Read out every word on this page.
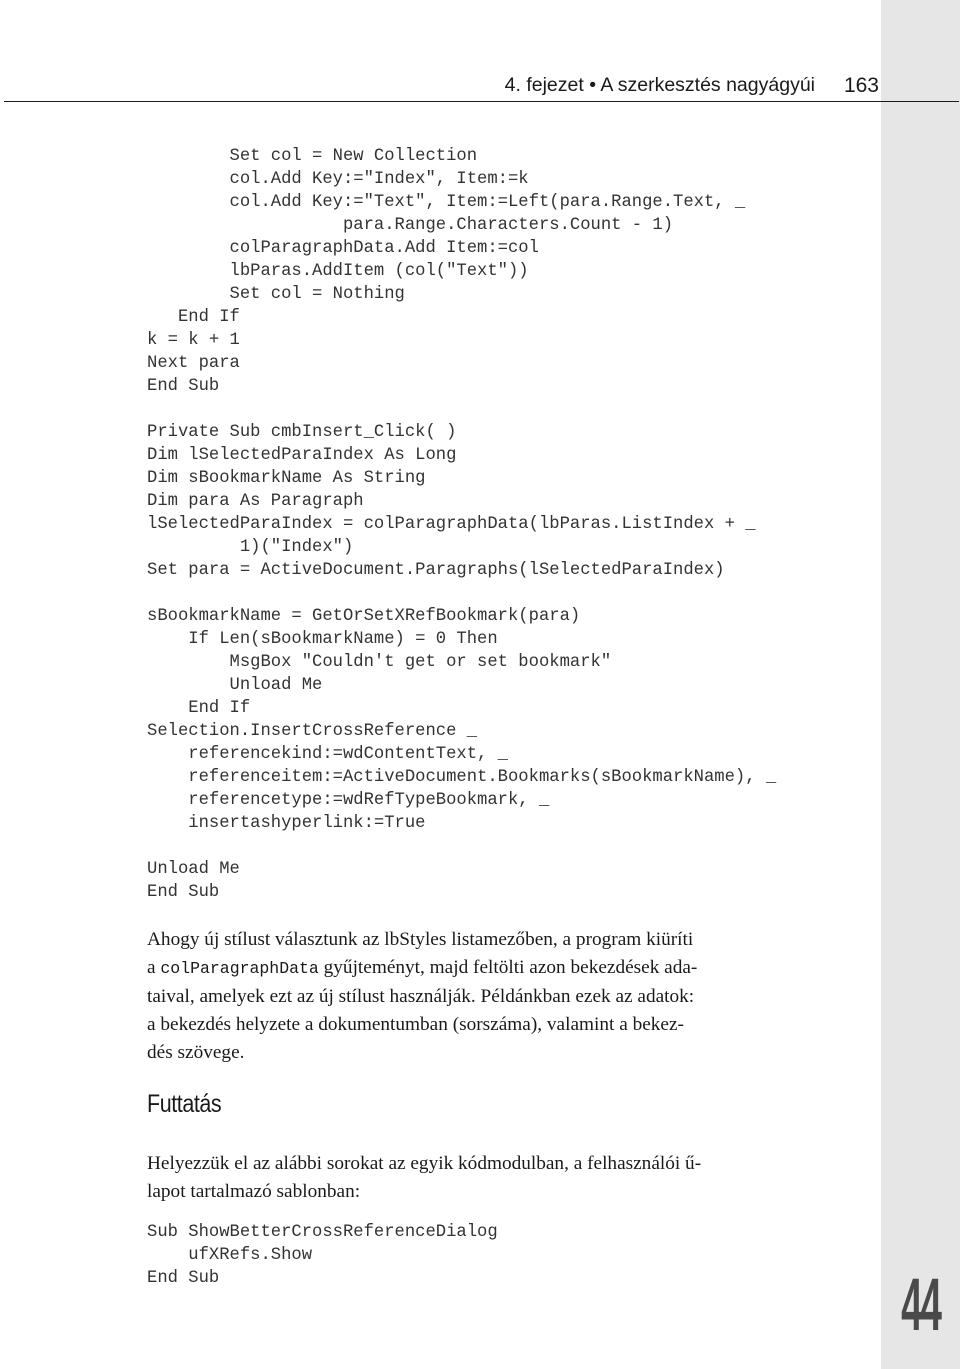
44
4. fejezet • A szerkesztés nagyágyúi 163
Set col = New Collection
col.Add Key:="Index", Item:=k
col.Add Key:="Text", Item:=Left(para.Range.Text, _
para.Range.Characters.Count - 1)
colParagraphData.Add Item:=col
lbParas.AddItem (col("Text"))
Set col = Nothing
End If
k = k + 1
Next para
End Sub

Private Sub cmbInsert_Click( )
Dim lSelectedParaIndex As Long
Dim sBookmarkName As String
Dim para As Paragraph
lSelectedParaIndex = colParagraphData(lbParas.ListIndex + _
1)("Index")
Set para = ActiveDocument.Paragraphs(lSelectedParaIndex)

sBookmarkName = GetOrSetXRefBookmark(para)
If Len(sBookmarkName) = 0 Then
MsgBox "Couldn't get or set bookmark"
Unload Me
End If
Selection.InsertCrossReference _
referencekind:=wdContentText, _
referenceitem:=ActiveDocument.Bookmarks(sBookmarkName), _
referencetype:=wdRefTypeBookmark, _
insertashyperlink:=True

Unload Me
End Sub
Ahogy új stílust választunk az lbStyles listamezőben, a program kiüríti
a colParagraphData gyűjteményt, majd feltölti azon bekezdések ada-
taival, amelyek ezt az új stílust használják. Példánkban ezek az adatok:
a bekezdés helyzete a dokumentumban (sorszáma), valamint a bekez-
dés szövege.
Futtatás
Helyezzük el az alábbi sorokat az egyik kódmodulban, a felhasználói ű-
lapot tartalmazó sablonban:
Sub ShowBetterCrossReferenceDialog
ufXRefs.Show
End Sub
